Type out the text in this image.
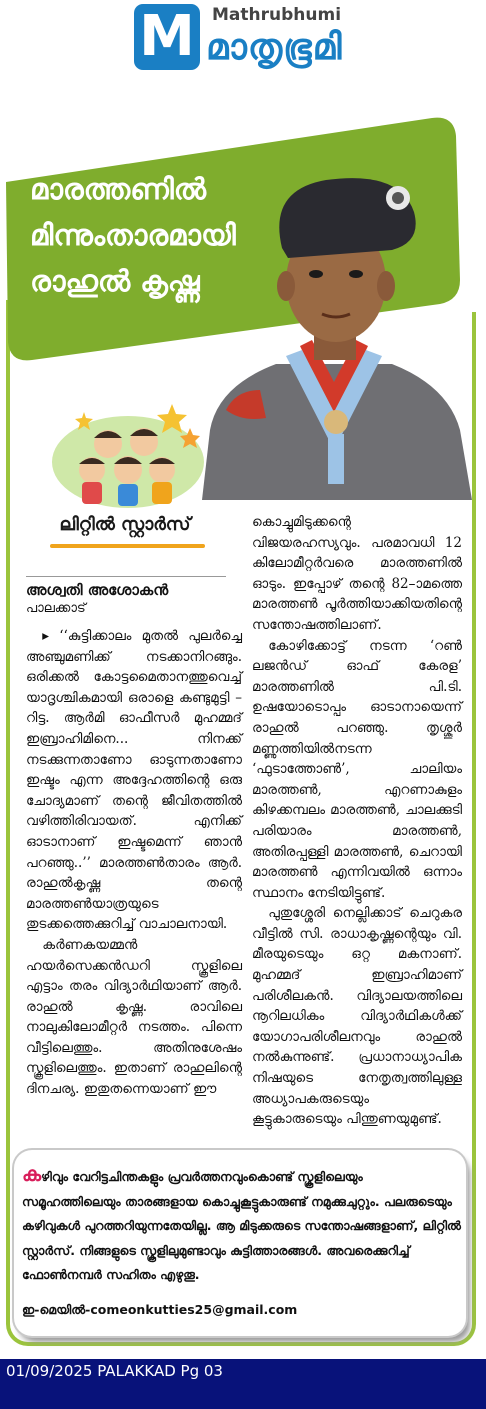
M	Mathrubhumi
മാതൃഭൂമി
മാരത്തണിൽ
മിന്നുംതാരമായി
രാഹുൽ കൃഷ്ണ
ലിറ്റിൽ സ്റ്റാർസ്
അശ്വതി അശോകൻ
പാലക്കാട്

▸ ‘‘കുട്ടിക്കാലം മുതൽ പുലർച്ചെ അഞ്ചുമണിക്ക് നടക്കാനിറങ്ങും. ഒരിക്കൽ കോട്ടമൈതാനത്തുവെച്ച് യാദൃശ്ചികമായി ഒരാളെ കണ്ടുമുട്ടി –റിട്ട. ആർമി ഓഫീസർ മുഹമ്മദ് ഇബ്രാഹിമിനെ... നിനക്ക് നടക്കുന്നതാണോ ഓടുന്നതാണോ ഇഷ്ടം എന്ന അദ്ദേഹത്തിന്റെ ഒരു ചോദ്യമാണ് തന്റെ ജീവിതത്തിൽ വഴിത്തിരിവായത്. എനിക്ക് ഓടാനാണ് ഇഷ്ടമെന്ന് ഞാൻ പറഞ്ഞു..’’ മാരത്തൺതാരം ആർ. രാഹുൽകൃഷ്ണ തന്റെ മാരത്തൺയാത്രയുടെ തുടക്കത്തെക്കുറിച്ച് വാചാലനായി.

കർണകയമ്മൻ ഹയർസെക്കൻഡറി സ്കൂളിലെ എട്ടാം തരം വിദ്യാർഥിയാണ് ആർ. രാഹുൽ കൃഷ്ണ. രാവിലെ നാലുകിലോമീറ്റർ നടത്തം. പിന്നെ വീട്ടിലെത്തും. അതിനുശേഷം സ്കൂളിലെത്തും. ഇതാണ് രാഹുലിന്റെ ദിനചര്യ. ഇതുതന്നെയാണ് ഈ

കൊച്ചുമിടുക്കന്റെ വിജയരഹസ്യവും. പരമാവധി 12 കിലോമീറ്റർവരെ മാരത്തണിൽ ഓടും. ഇപ്പോഴ് തന്റെ 82–ാമത്തെ മാരത്തൺ പൂർത്തിയാക്കിയതിന്റെ സന്തോഷത്തിലാണ്.

കോഴിക്കോട്ട് നടന്ന ‘റൺ ലജൻഡ് ഓഫ് കേരള’ മാരത്തണിൽ പി.ടി. ഉഷയോടൊപ്പം ഓടാനായെന്ന് രാഹുൽ പറഞ്ഞു. തൃശ്ശൂർ മണ്ണുത്തിയിൽനടന്ന ‘ഫുടാത്തോൺ’, ചാലിയം മാരത്തൺ, എറണാകുളം കിഴക്കമ്പലം മാരത്തൺ, ചാലക്കുടി പരിയാരം മാരത്തൺ, അതിരപ്പള്ളി മാരത്തൺ, ചെറായി മാരത്തൺ എന്നിവയിൽ ഒന്നാം സ്ഥാനം നേടിയിട്ടുണ്ട്.

പുതുശ്ശേരി നെല്ലിക്കാട് ചെറുകര വീട്ടിൽ സി. രാധാകൃഷ്ണന്റെയും വി. മീരയുടെയും ഒറ്റ മകനാണ്. മുഹമ്മദ് ഇബ്രാഹിമാണ് പരിശീലകൻ. വിദ്യാലയത്തിലെ നൂറിലധികം വിദ്യാർഥികൾക്ക് യോഗാപരിശീലനവും രാഹുൽ നൽകുന്നുണ്ട്. പ്രധാനാധ്യാപിക നിഷയുടെ നേതൃത്വത്തിലുള്ള അധ്യാപകരുടെയും കൂട്ടുകാരുടെയും പിന്തുണയുമുണ്ട്.

കഴിവും വേറിട്ടചിന്തകളും പ്രവർത്തനവുംകൊണ്ട് സ്കൂളിലെയും സമൂഹത്തിലെയും താരങ്ങളായ കൊച്ചുകൂട്ടുകാരുണ്ട് നമുക്കുചുറ്റും. പലരുടെയും കഴിവുകൾ പുറത്തറിയുന്നതേയില്ല. ആ മിടുക്കരുടെ സന്തോഷങ്ങളാണ്, ലിറ്റിൽ സ്റ്റാർസ്. നിങ്ങളുടെ സ്കൂളിലുമുണ്ടാവും കുട്ടിത്താരങ്ങൾ. അവരെക്കുറിച്ച് ഫോൺനമ്പർ സഹിതം എഴുതൂ.
ഇ-മെയിൽ-comeonkutties25@gmail.com
01/09/2025 PALAKKAD Pg 03
